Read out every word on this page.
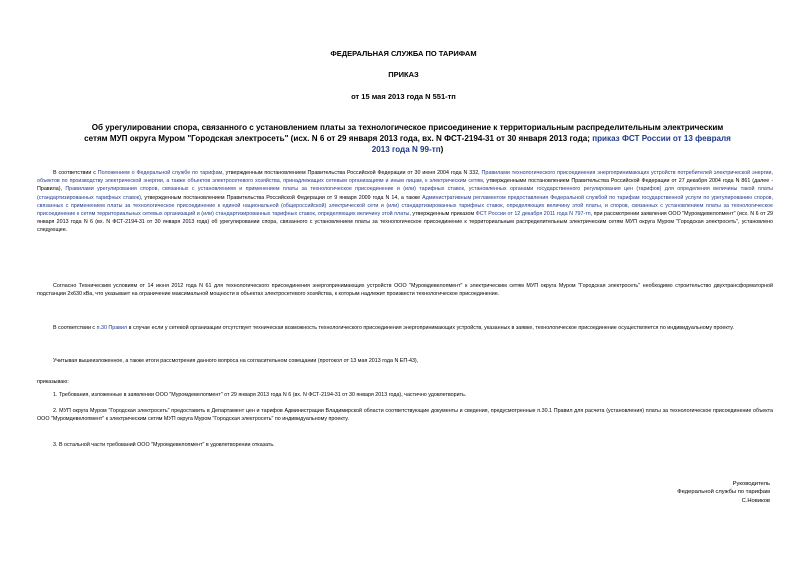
ФЕДЕРАЛЬНАЯ СЛУЖБА ПО ТАРИФАМ
ПРИКАЗ
от 15 мая 2013 года N 551-тп
Об урегулировании спора, связанного с установлением платы за технологическое присоединение к территориальным распределительным электрическим сетям МУП округа Муром "Городская электросеть" (исх. N 6 от 29 января 2013 года, вх. N ФСТ-2194-31 от 30 января 2013 года; приказ ФСТ России от 13 февраля 2013 года N 99-тп)
В соответствии с Положением о Федеральной службе по тарифам, утвержденным постановлением Правительства Российской Федерации от 30 июня 2004 года N 332, Правилами технологического присоединения энергопринимающих устройств потребителей электрической энергии, объектов по производству электрической энергии, а также объектов электросетевого хозяйства, принадлежащих сетевым организациям и иным лицам, к электрическим сетям, утвержденными постановлением Правительства Российской Федерации от 27 декабря 2004 года N 861 (далее - Правила), Правилами урегулирования споров, связанных с установлением и применением платы за технологическое присоединение и (или) тарифных ставок, установленных органами государственного регулирования цен (тарифов) для определения величины такой платы (стандартизированных тарифных ставок), утвержденным постановлением Правительства Российской Федерации от 9 января 2009 года N 14, а также Административным регламентом предоставления Федеральной службой по тарифам государственной услуги по урегулированию споров, связанных с применением платы за технологическое присоединение к единой национальной (общероссийской) электрической сети и (или) стандартизированных тарифных ставок, определяющих величину этой платы, и споров, связанных с установлением платы за технологическое присоединение к сетям территориальных сетевых организаций и (или) стандартизированных тарифных ставок, определяющих величину этой платы, утвержденным приказом ФСТ России от 12 декабря 2011 года N 797-тп, при рассмотрении заявления ООО "Муромдевелопмент" (исх. N 6 от 29 января 2013 года N 6 (вх. N ФСТ-2194-31 от 30 января 2013 года) об урегулировании спора, связанного с установлением платы за технологическое присоединение к территориальным распределительным электрическим сетям МУП округа Муром "Городская электросеть", установлено следующее.
Согласно Техническим условиям от 14 июня 2012 года N 61 для технологического присоединения энергопринимающих устройств ООО "Муромдевелопмент" к электрическим сетям МУП округа Муром "Городская электросеть" необходимо строительство двухтрансформаторной подстанции 2х630 кВа, что указывает на ограничение максимальной мощности в объектах электросетевого хозяйства, к которым надлежит произвести технологическое присоединение.
В соответствии с п.30 Правил в случае если у сетевой организации отсутствует техническая возможность технологического присоединения энергопринимающих устройств, указанных в заявке, технологическое присоединение осуществляется по индивидуальному проекту.
Учитывая вышеизложенное, а также итоги рассмотрения данного вопроса на согласительном совещании (протокол от 13 мая 2013 года N ЕП-43),
приказываю:
1. Требования, изложенные в заявлении ООО "Муромдевелопмент" от 29 января 2013 года N 6 (вх. N ФСТ-2194-31 от 30 января 2013 года), частично удовлетворить.
2. МУП округа Муром "Городская электросеть" предоставить в Департамент цен и тарифов Администрации Владимирской области соответствующие документы и сведения, предусмотренные п.30.1 Правил для расчета (установления) платы за технологическое присоединение объекта ООО "Муромдевелопмент" к электрическим сетям МУП округа Муром "Городская электросеть" по индивидуальному проекту.
3. В остальной части требований ООО "Муромдевелопмент" в удовлетворении отказать.
Руководитель
Федеральной службы по тарифам
С.Новиков
